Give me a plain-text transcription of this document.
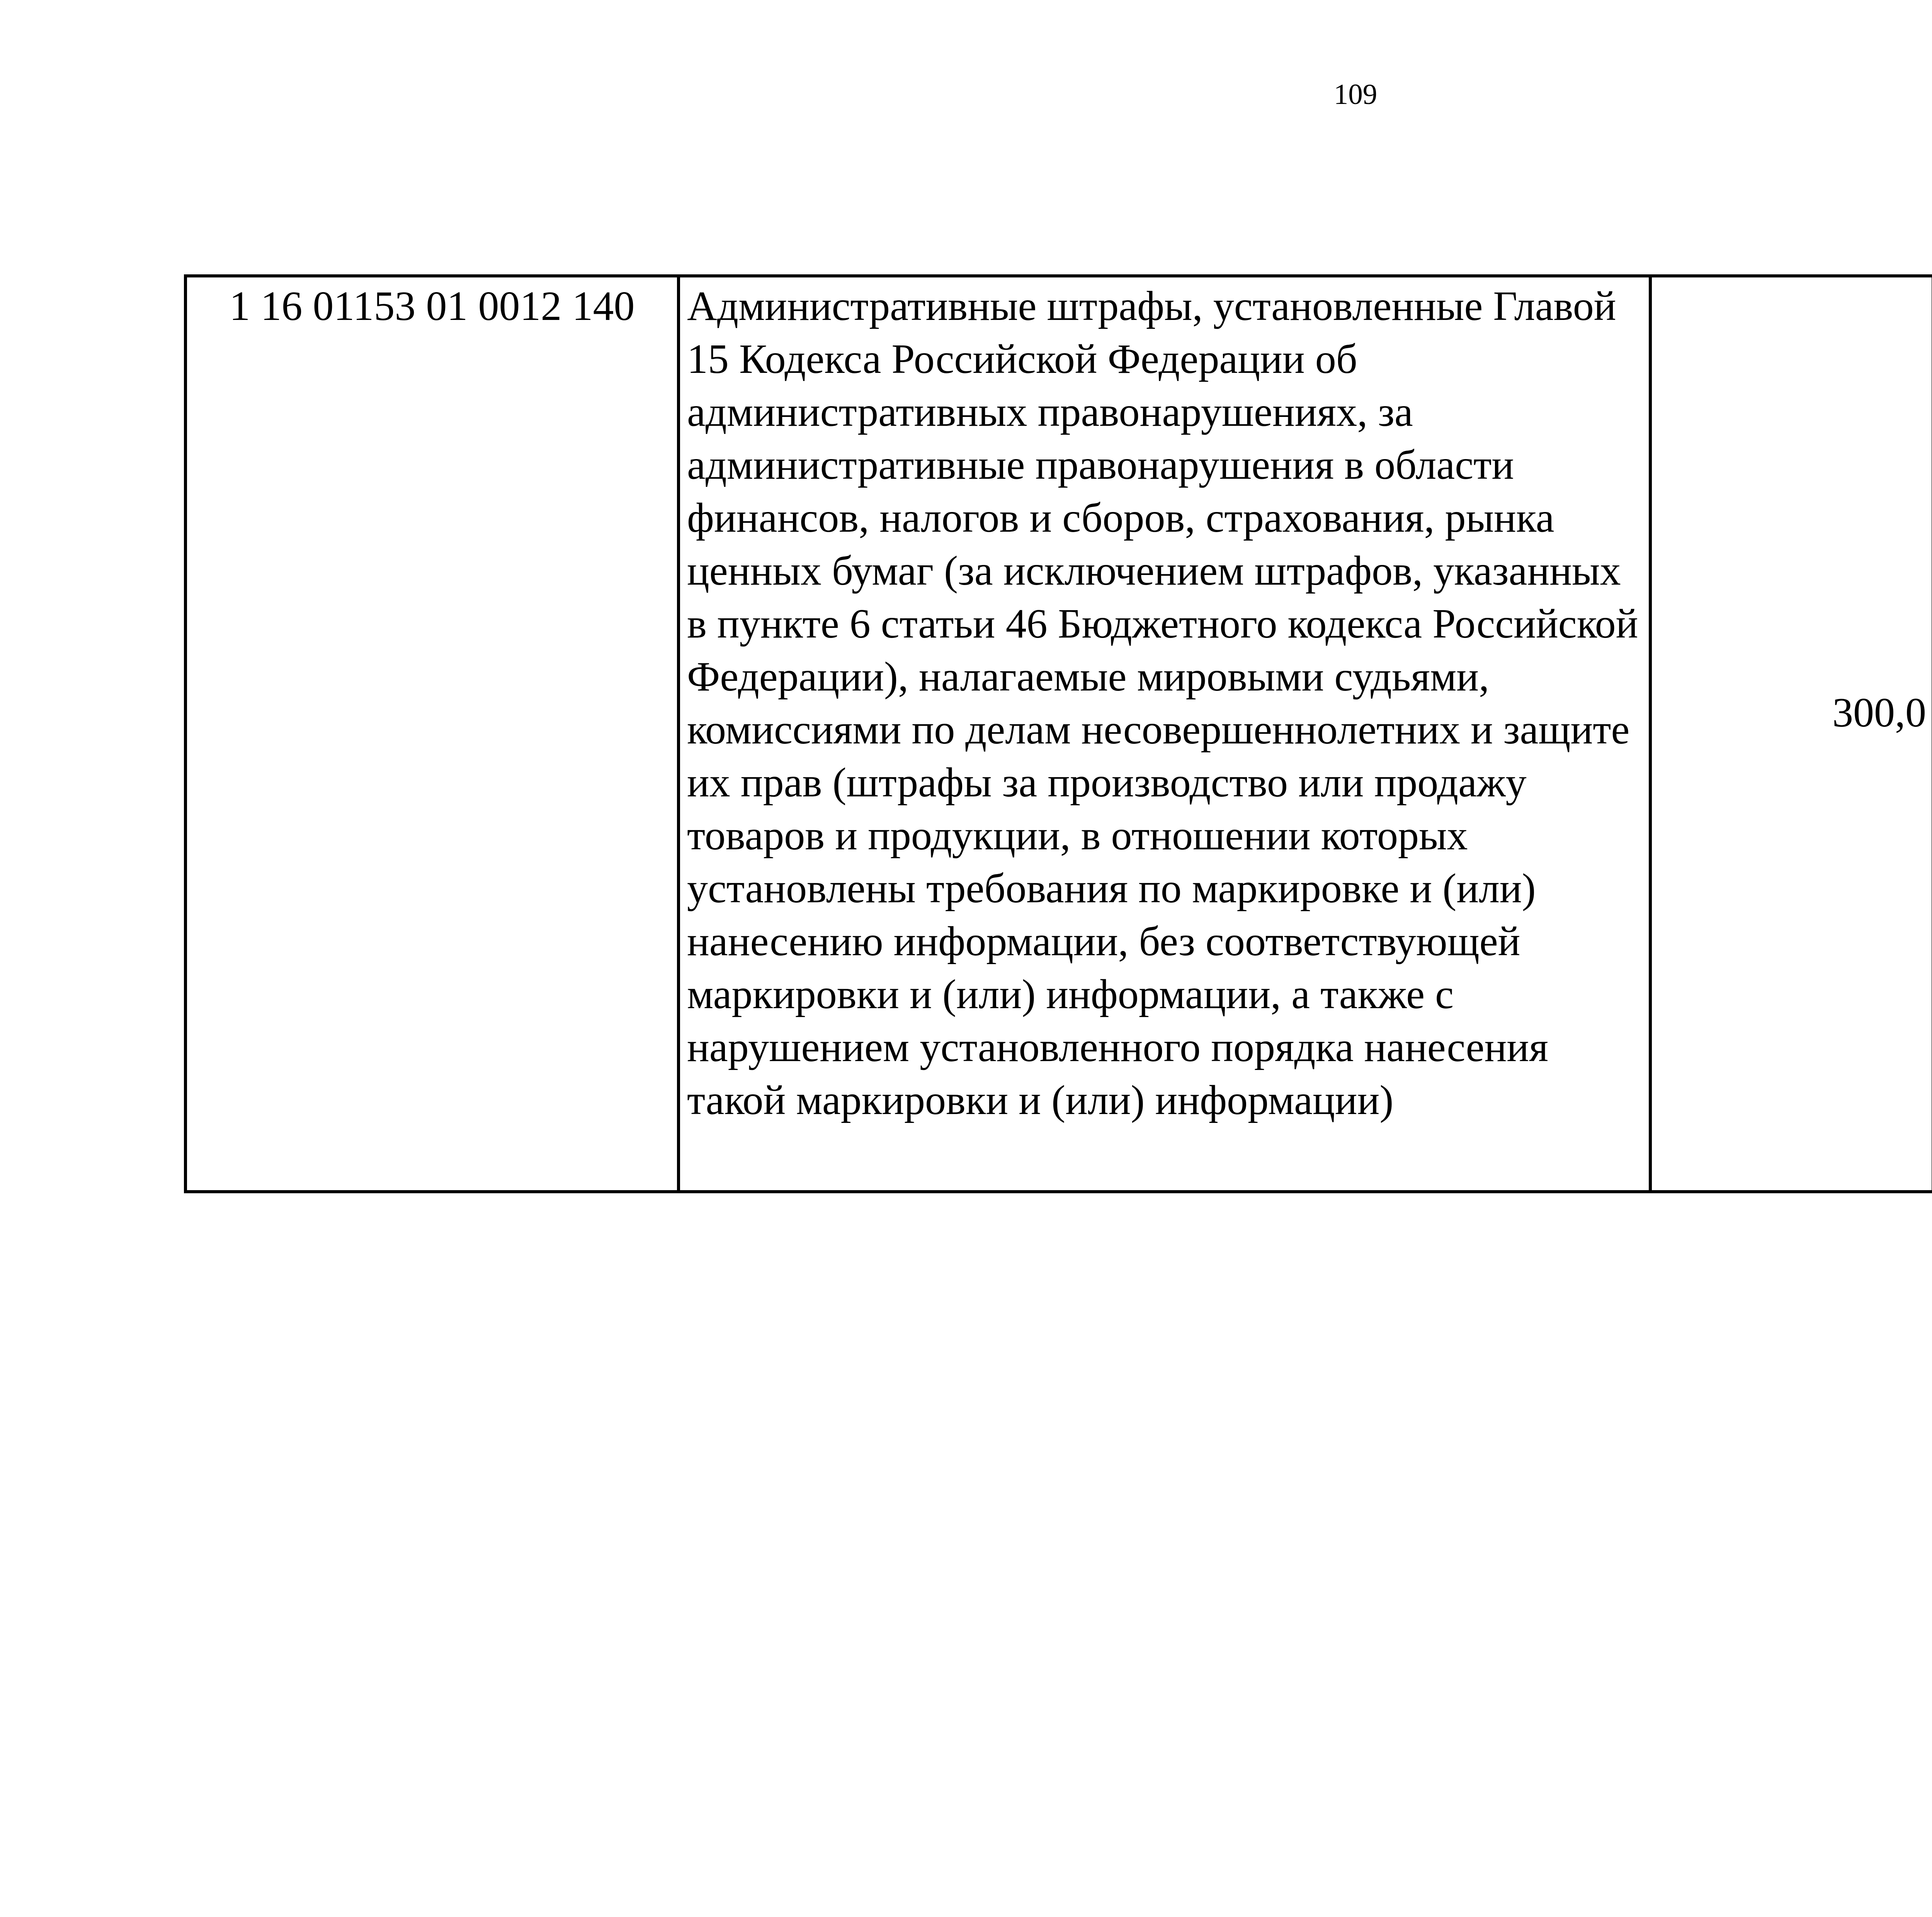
109
1 16 01153 01 0012 140	Административные штрафы, установленные Главой 15 Кодекса Российской Федерации об административных правонарушениях, за административные правонарушения в области финансов, налогов и сборов, страхования, рынка ценных бумаг (за исключением штрафов, указанных в пункте 6 статьи 46 Бюджетного кодекса Российской Федерации), налагаемые мировыми судьями, комиссиями по делам несовершеннолетних и защите их прав (штрафы за производство или продажу товаров и продукции, в отношении которых установлены требования по маркировке и (или) нанесению информации, без соответствующей маркировки и (или) информации, а также с нарушением установленного порядка нанесения такой маркировки и (или) информации)	300,0		
